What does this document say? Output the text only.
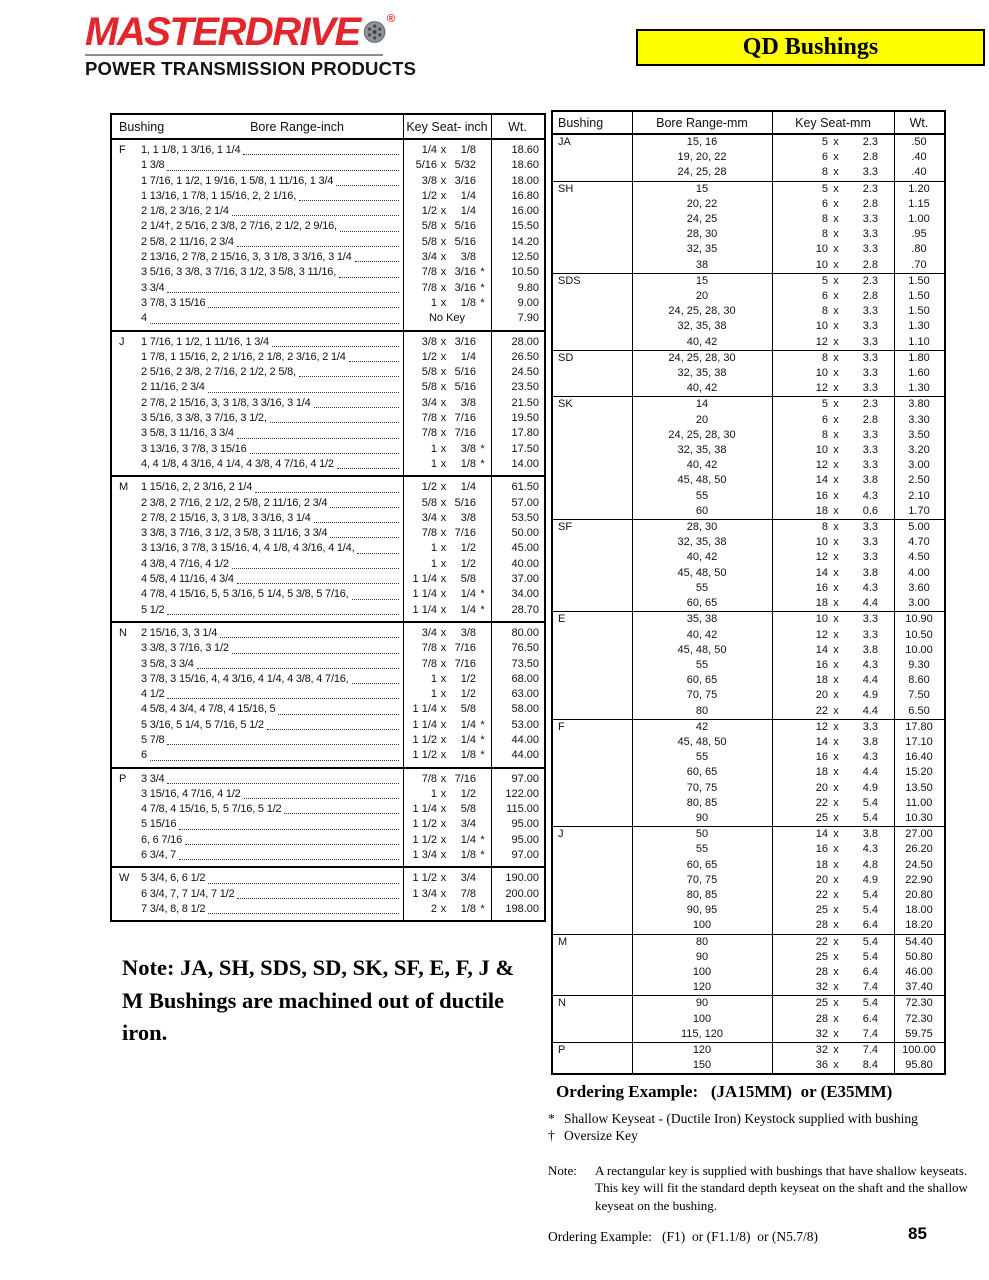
MASTERDRIVE ®
POWER TRANSMISSION PRODUCTS
QD Bushings
Bushing	Bore Range-inch	Key Seat- inch	Wt.
F	1, 1 1/8, 1 3/16, 1 1/4	1/4 x	1/8	18.60
1 3/8	5/16 x 5/32	18.60
1 7/16, 1 1/2, 1 9/16, 1 5/8, 1 11/16, 1 3/4	3/8 x 3/16	18.00
1 13/16, 1 7/8, 1 15/16, 2, 2 1/16,	1/2 x	1/4	16.80
2 1/8, 2 3/16, 2 1/4	1/2 x	1/4	16.00
2 1/4†, 2 5/16, 2 3/8, 2 7/16, 2 1/2, 2 9/16,	5/8 x 5/16	15.50
2 5/8, 2 11/16, 2 3/4	5/8 x 5/16	14.20
2 13/16, 2 7/8, 2 15/16, 3, 3 1/8, 3 3/16, 3 1/4	3/4 x	3/8	12.50
3 5/16, 3 3/8, 3 7/16, 3 1/2, 3 5/8, 3 11/16,	7/8 x 3/16 *	10.50
3 3/4	7/8 x 3/16 *	9.80
3 7/8, 3 15/16	1 x	1/8 *	9.00
4	No Key	7.90
J	1 7/16, 1 1/2, 1 11/16, 1 3/4	3/8 x 3/16	28.00
1 7/8, 1 15/16, 2, 2 1/16, 2 1/8, 2 3/16, 2 1/4	1/2 x	1/4	26.50
2 5/16, 2 3/8, 2 7/16, 2 1/2, 2 5/8,	5/8 x 5/16	24.50
2 11/16, 2 3/4	5/8 x 5/16	23.50
2 7/8, 2 15/16, 3, 3 1/8, 3 3/16, 3 1/4	3/4 x	3/8	21.50
3 5/16, 3 3/8, 3 7/16, 3 1/2,	7/8 x 7/16	19.50
3 5/8, 3 11/16, 3 3/4	7/8 x 7/16	17.80
3 13/16, 3 7/8, 3 15/16	1 x	3/8 *	17.50
4, 4 1/8, 4 3/16, 4 1/4, 4 3/8, 4 7/16, 4 1/2	1 x	1/8 *	14.00
M	1 15/16, 2, 2 3/16, 2 1/4	1/2 x	1/4	61.50
2 3/8, 2 7/16, 2 1/2, 2 5/8, 2 11/16, 2 3/4	5/8 x 5/16	57.00
2 7/8, 2 15/16, 3, 3 1/8, 3 3/16, 3 1/4	3/4 x	3/8	53.50
3 3/8, 3 7/16, 3 1/2, 3 5/8, 3 11/16, 3 3/4	7/8 x 7/16	50.00
3 13/16, 3 7/8, 3 15/16, 4, 4 1/8, 4 3/16, 4 1/4,	1 x	1/2	45.00
4 3/8, 4 7/16, 4 1/2	1 x	1/2	40.00
4 5/8, 4 11/16, 4 3/4	1 1/4 x	5/8	37.00
4 7/8, 4 15/16, 5, 5 3/16, 5 1/4, 5 3/8, 5 7/16,	1 1/4 x	1/4 *	34.00
5 1/2	1 1/4 x	1/4 *	28.70
N	2 15/16, 3, 3 1/4	3/4 x	3/8	80.00
3 3/8, 3 7/16, 3 1/2	7/8 x 7/16	76.50
3 5/8, 3 3/4	7/8 x 7/16	73.50
3 7/8, 3 15/16, 4, 4 3/16, 4 1/4, 4 3/8, 4 7/16,	1 x	1/2	68.00
4 1/2	1 x	1/2	63.00
4 5/8, 4 3/4, 4 7/8, 4 15/16, 5	1 1/4 x	5/8	58.00
5 3/16, 5 1/4, 5 7/16, 5 1/2	1 1/4 x	1/4 *	53.00
5 7/8	1 1/2 x	1/4 *	44.00
6	1 1/2 x	1/8 *	44.00
P	3 3/4	7/8 x 7/16	97.00
3 15/16, 4 7/16, 4 1/2	1 x	1/2	122.00
4 7/8, 4 15/16, 5, 5 7/16, 5 1/2	1 1/4 x	5/8	115.00
5 15/16	1 1/2 x	3/4	95.00
6, 6 7/16	1 1/2 x	1/4 *	95.00
6 3/4, 7	1 3/4 x	1/8 *	97.00
W	5 3/4, 6, 6 1/2	1 1/2 x	3/4	190.00
6 3/4, 7, 7 1/4, 7 1/2	1 3/4 x	7/8	200.00
7 3/4, 8, 8 1/2	2 x	1/8 *	198.00
Bushing	Bore Range-mm	Key Seat-mm	Wt.
JA	15, 16	5 x	2.3	.50
19, 20, 22	6 x	2.8	.40
24, 25, 28	8 x	3.3	.40
SH	15	5 x	2.3	1.20
20, 22	6 x	2.8	1.15
24, 25	8 x	3.3	1.00
28, 30	8 x	3.3	.95
32, 35	10 x	3.3	.80
38	10 x	2.8	.70
SDS	15	5 x	2.3	1.50
20	6 x	2.8	1.50
24, 25, 28, 30	8 x	3.3	1.50
32, 35, 38	10 x	3.3	1.30
40, 42	12 x	3.3	1.10
SD	24, 25, 28, 30	8 x	3.3	1.80
32, 35, 38	10 x	3.3	1.60
40, 42	12 x	3.3	1.30
SK	14	5 x	2.3	3.80
20	6 x	2.8	3.30
24, 25, 28, 30	8 x	3.3	3.50
32, 35, 38	10 x	3.3	3.20
40, 42	12 x	3.3	3.00
45, 48, 50	14 x	3.8	2.50
55	16 x	4.3	2.10
60	18 x	0.6	1.70
SF	28, 30	8 x	3.3	5.00
32, 35, 38	10 x	3.3	4.70
40, 42	12 x	3.3	4.50
45, 48, 50	14 x	3.8	4.00
55	16 x	4.3	3.60
60, 65	18 x	4.4	3.00
E	35, 38	10 x	3.3	10.90
40, 42	12 x	3.3	10.50
45, 48, 50	14 x	3.8	10.00
55	16 x	4.3	9.30
60, 65	18 x	4.4	8.60
70, 75	20 x	4.9	7.50
80	22 x	4.4	6.50
F	42	12 x	3.3	17.80
45, 48, 50	14 x	3.8	17.10
55	16 x	4.3	16.40
60, 65	18 x	4.4	15.20
70, 75	20 x	4.9	13.50
80, 85	22 x	5.4	11.00
90	25 x	5.4	10.30
J	50	14 x	3.8	27.00
55	16 x	4.3	26.20
60, 65	18 x	4.8	24.50
70, 75	20 x	4.9	22.90
80, 85	22 x	5.4	20.80
90, 95	25 x	5.4	18.00
100	28 x	6.4	18.20
M	80	22 x	5.4	54.40
90	25 x	5.4	50.80
100	28 x	6.4	46.00
120	32 x	7.4	37.40
N	90	25 x	5.4	72.30
100	28 x	6.4	72.30
115, 120	32 x	7.4	59.75
P	120	32 x	7.4	100.00
150	36 x	8.4	95.80
Note: JA, SH, SDS, SD, SK, SF, E, F, J &
M Bushings are machined out of ductile
iron.
Ordering Example:   (JA15MM)  or (E35MM)
* Shallow Keyseat - (Ductile Iron) Keystock supplied with bushing
† Oversize Key
Note:	A rectangular key is supplied with bushings that have shallow keyseats.
This key will fit the standard depth keyseat on the shaft and the shallow
keyseat on the bushing.
Ordering Example:   (F1)  or (F1.1/8)  or (N5.7/8)	85
